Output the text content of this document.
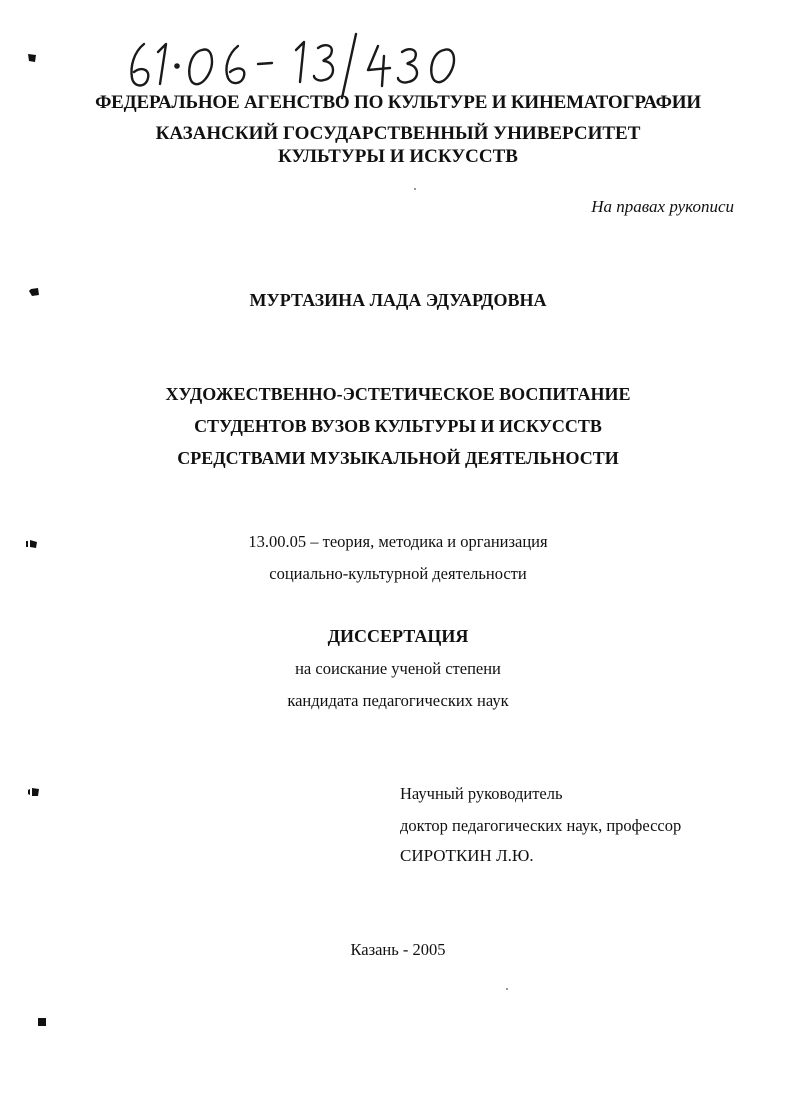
ФЕДЕРАЛЬНОЕ АГЕНСТВО ПО КУЛЬТУРЕ И КИНЕМАТОГРАФИИ
КАЗАНСКИЙ ГОСУДАРСТВЕННЫЙ УНИВЕРСИТЕТ
КУЛЬТУРЫ И ИСКУССТВ
На правах рукописи
МУРТАЗИНА ЛАДА ЭДУАРДОВНА
ХУДОЖЕСТВЕННО-ЭСТЕТИЧЕСКОЕ ВОСПИТАНИЕ
СТУДЕНТОВ ВУЗОВ КУЛЬТУРЫ И ИСКУССТВ
СРЕДСТВАМИ МУЗЫКАЛЬНОЙ ДЕЯТЕЛЬНОСТИ
13.00.05 – теория, методика и организация
социально-культурной деятельности
ДИССЕРТАЦИЯ
на соискание ученой степени
кандидата педагогических наук
Научный руководитель
доктор педагогических наук, профессор
СИРОТКИН Л.Ю.
Казань - 2005
